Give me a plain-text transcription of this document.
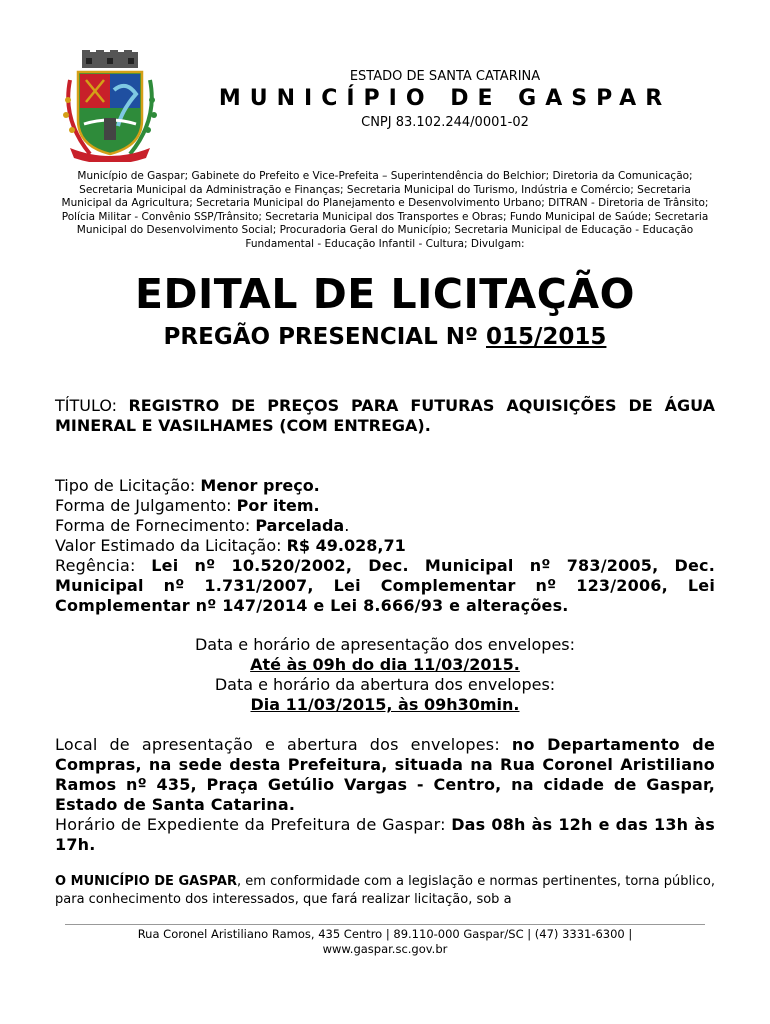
ESTADO DE SANTA CATARINA
MUNICÍPIO DE GASPAR
CNPJ 83.102.244/0001-02
Município de Gaspar; Gabinete do Prefeito e Vice-Prefeita – Superintendência do Belchior; Diretoria da Comunicação; Secretaria Municipal da Administração e Finanças; Secretaria Municipal do Turismo, Indústria e Comércio; Secretaria Municipal da Agricultura; Secretaria Municipal do Planejamento e Desenvolvimento Urbano; DITRAN - Diretoria de Trânsito; Polícia Militar - Convênio SSP/Trânsito; Secretaria Municipal dos Transportes e Obras; Fundo Municipal de Saúde; Secretaria Municipal do Desenvolvimento Social; Procuradoria Geral do Município; Secretaria Municipal de Educação - Educação Fundamental - Educação Infantil - Cultura; Divulgam:
EDITAL DE LICITAÇÃO
PREGÃO PRESENCIAL Nº 015/2015
TÍTULO: REGISTRO DE PREÇOS PARA FUTURAS AQUISIÇÕES DE ÁGUA MINERAL E VASILHAMES (COM ENTREGA).
Tipo de Licitação: Menor preço.
Forma de Julgamento: Por item.
Forma de Fornecimento: Parcelada.
Valor Estimado da Licitação: R$ 49.028,71
Regência: Lei nº 10.520/2002, Dec. Municipal nº 783/2005, Dec. Municipal nº 1.731/2007, Lei Complementar nº 123/2006, Lei Complementar nº 147/2014 e Lei 8.666/93 e alterações.
Data e horário de apresentação dos envelopes:
Até às 09h do dia 11/03/2015.
Data e horário da abertura dos envelopes:
Dia 11/03/2015, às 09h30min.
Local de apresentação e abertura dos envelopes: no Departamento de Compras, na sede desta Prefeitura, situada na Rua Coronel Aristiliano Ramos nº 435, Praça Getúlio Vargas - Centro, na cidade de Gaspar, Estado de Santa Catarina.
Horário de Expediente da Prefeitura de Gaspar: Das 08h às 12h e das 13h às 17h.
O MUNICÍPIO DE GASPAR, em conformidade com a legislação e normas pertinentes, torna público, para conhecimento dos interessados, que fará realizar licitação, sob a
Rua Coronel Aristiliano Ramos, 435 Centro | 89.110-000 Gaspar/SC | (47) 3331-6300 |
www.gaspar.sc.gov.br
